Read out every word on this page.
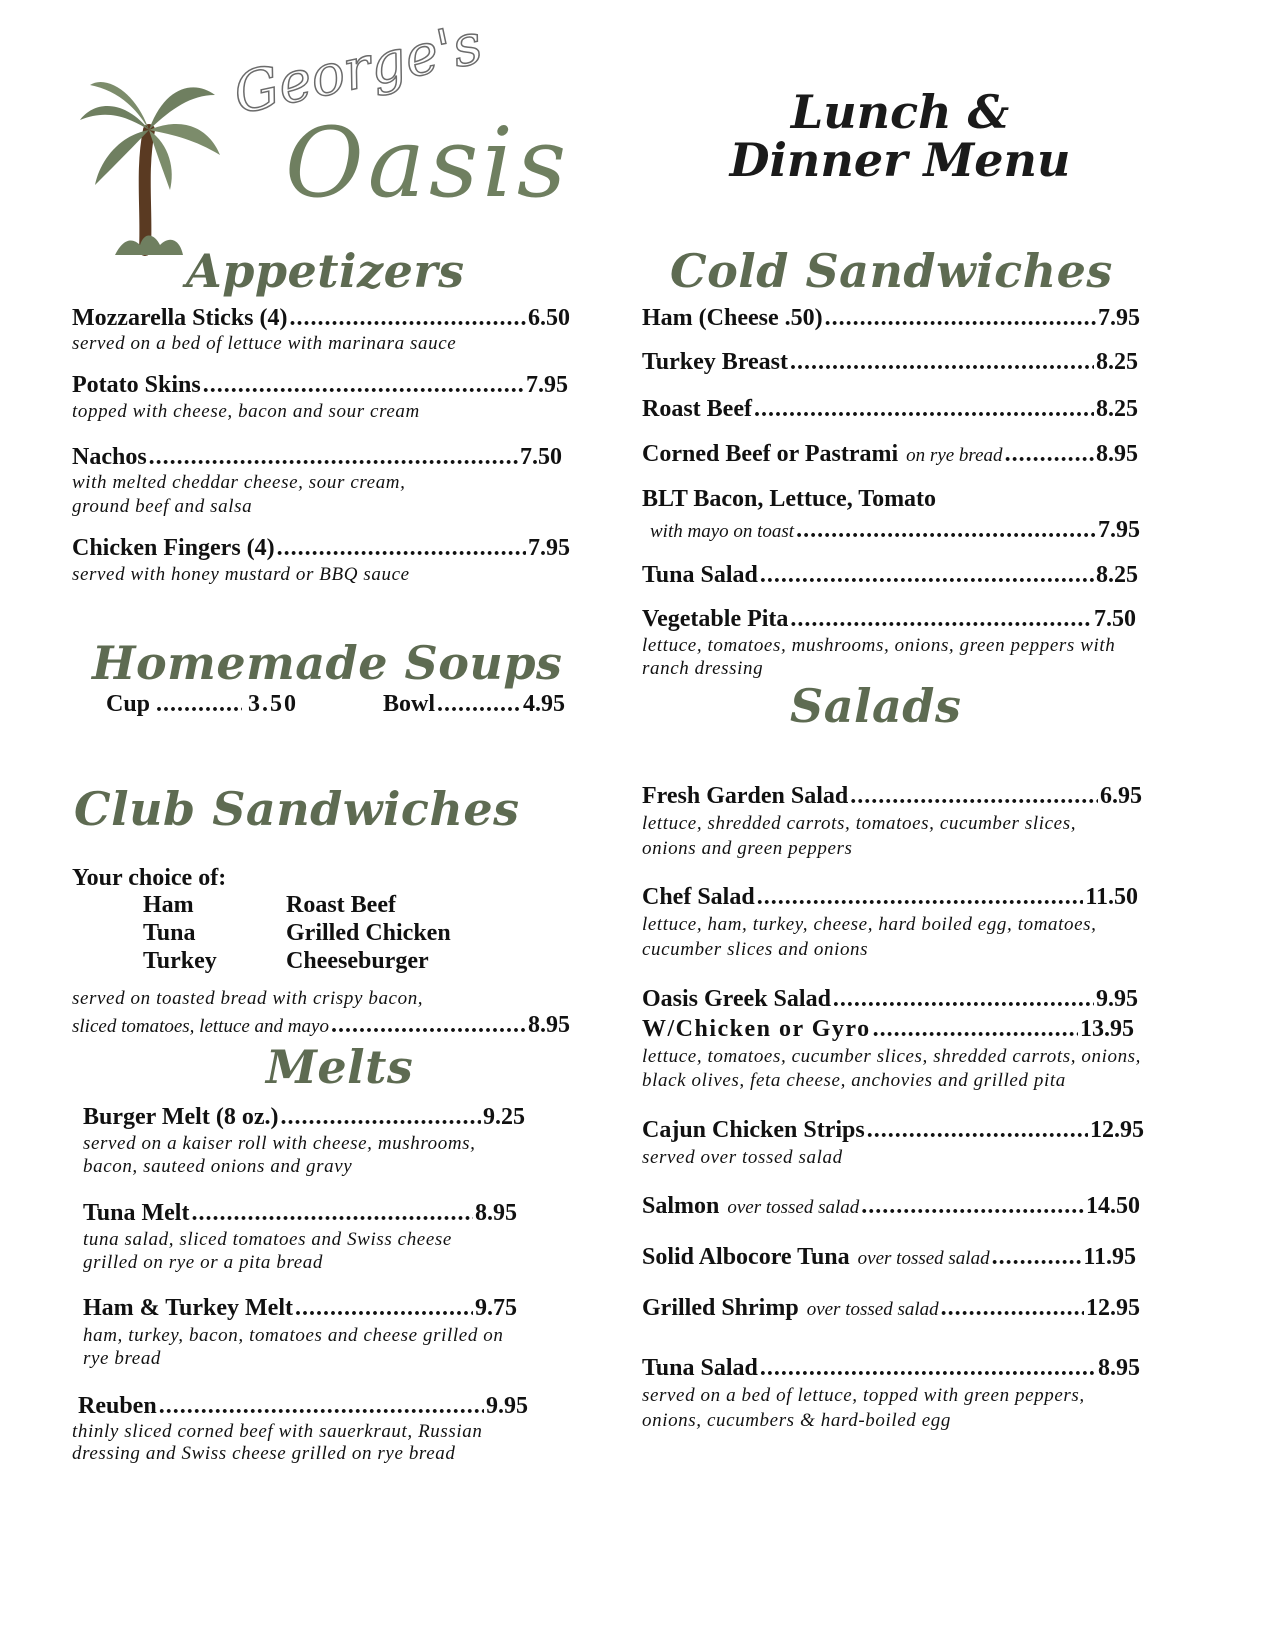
George's
Oasis	Lunch &
Dinner Menu
Appetizers
Mozzarella Sticks (4) .....	6.50
served on a bed of lettuce with marinara sauce
Potato Skins .....	7.95
topped with cheese, bacon and sour cream
Nachos .....	7.50
with melted cheddar cheese, sour cream,
ground beef and salsa
Chicken Fingers (4) .....	7.95
served with honey mustard or BBQ sauce
Homemade Soups
Cup .....	3.50	Bowl .....	4.95
Club Sandwiches
Your choice of:
Ham	Roast Beef
Tuna	Grilled Chicken
Turkey	Cheeseburger
served on toasted bread with crispy bacon,
sliced tomatoes, lettuce and mayo .....	8.95
Melts
Burger Melt (8 oz.) .....	9.25
served on a kaiser roll with cheese, mushrooms,
bacon, sauteed onions and gravy
Tuna Melt .....	8.95
tuna salad, sliced tomatoes and Swiss cheese
grilled on rye or a pita bread
Ham & Turkey Melt .....	9.75
ham, turkey, bacon, tomatoes and cheese grilled on
rye bread
Reuben .....	9.95
thinly sliced corned beef with sauerkraut, Russian
dressing and Swiss cheese grilled on rye bread
Cold Sandwiches
Ham (Cheese .50) .....	7.95
Turkey Breast .....	8.25
Roast Beef .....	8.25
Corned Beef or Pastrami on rye bread .....	8.95
BLT Bacon, Lettuce, Tomato
with mayo on toast .....	7.95
Tuna Salad .....	8.25
Vegetable Pita .....	7.50
lettuce, tomatoes, mushrooms, onions, green peppers with
ranch dressing
Salads
Fresh Garden Salad .....	6.95
lettuce, shredded carrots, tomatoes, cucumber slices,
onions and green peppers
Chef Salad .....	11.50
lettuce, ham, turkey, cheese, hard boiled egg, tomatoes,
cucumber slices and onions
Oasis Greek Salad .....	9.95
W/Chicken or Gyro .....	13.95
lettuce, tomatoes, cucumber slices, shredded carrots, onions,
black olives, feta cheese, anchovies and grilled pita
Cajun Chicken Strips .....	12.95
served over tossed salad
Salmon over tossed salad .....	14.50
Solid Albocore Tuna over tossed salad .....	11.95
Grilled Shrimp over tossed salad .....	12.95
Tuna Salad .....	8.95
served on a bed of lettuce, topped with green peppers,
onions, cucumbers & hard-boiled egg
